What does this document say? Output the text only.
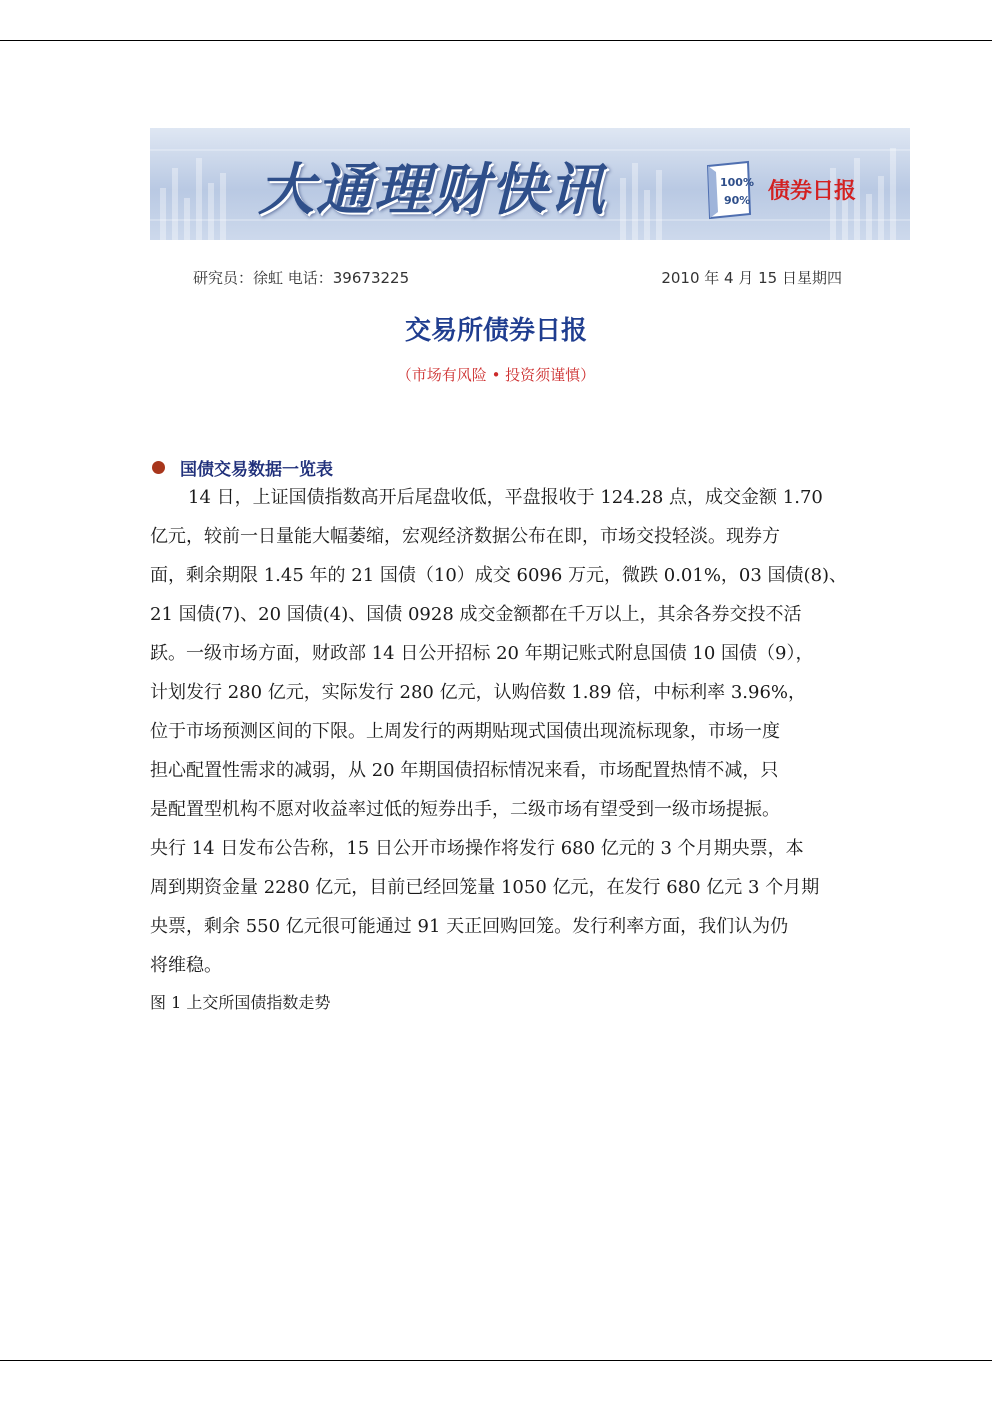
大通理财快讯	100%
90% 债券日报
研究员：徐虹 电话：39673225	2010 年 4 月 15 日星期四
交易所债券日报
（市场有风险 • 投资须谨慎）
国债交易数据一览表
14 日，上证国债指数高开后尾盘收低，平盘报收于 124.28 点，成交金额 1.70
亿元，较前一日量能大幅萎缩，宏观经济数据公布在即，市场交投轻淡。现券方
面，剩余期限 1.45 年的 21 国债（10）成交 6096 万元，微跌 0.01%，03 国债(8)、
21 国债(7)、20 国债(4)、国债 0928 成交金额都在千万以上，其余各券交投不活
跃。一级市场方面，财政部 14 日公开招标 20 年期记账式附息国债 10 国债（9），
计划发行 280 亿元，实际发行 280 亿元，认购倍数 1.89 倍，中标利率 3.96%，
位于市场预测区间的下限。上周发行的两期贴现式国债出现流标现象，市场一度
担心配置性需求的减弱，从 20 年期国债招标情况来看，市场配置热情不减，只
是配置型机构不愿对收益率过低的短券出手，二级市场有望受到一级市场提振。
央行 14 日发布公告称，15 日公开市场操作将发行 680 亿元的 3 个月期央票，本
周到期资金量 2280 亿元，目前已经回笼量 1050 亿元，在发行 680 亿元 3 个月期
央票，剩余 550 亿元很可能通过 91 天正回购回笼。发行利率方面，我们认为仍
将维稳。
图 1 上交所国债指数走势
